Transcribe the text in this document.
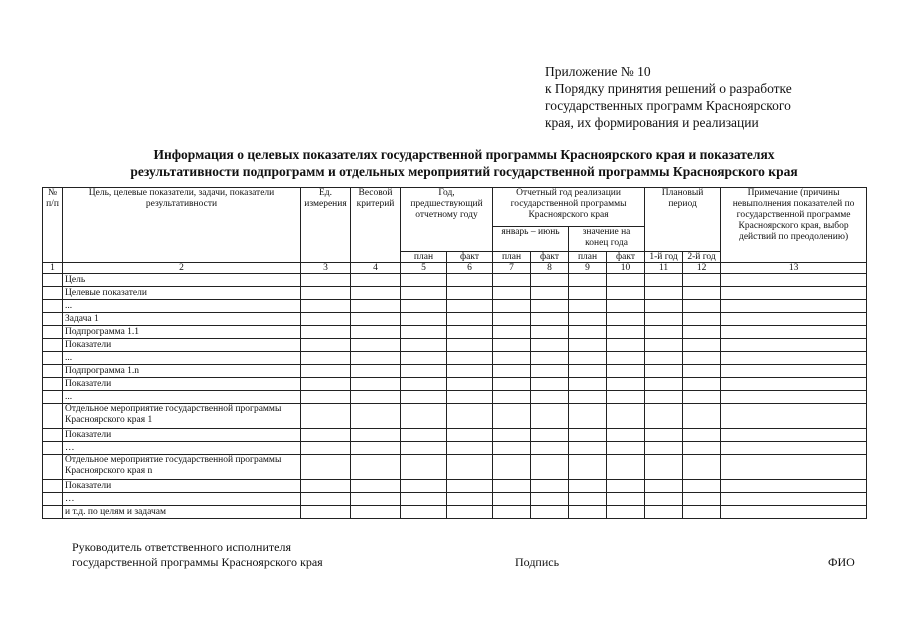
Приложение № 10
к Порядку принятия решений о разработке
государственных программ Красноярского
края, их формирования и реализации
Информация о целевых показателях государственной программы Красноярского края и показателях
результативности подпрограмм и отдельных мероприятий государственной программы Красноярского края
№ п/п	Цель, целевые показатели, задачи, показатели результативности	Ед. измерения	Весовой критерий	Год, предшествующий отчетному году		Отчетный год реализации государственной программы Красноярского края				Плановый период		Примечание (причины невыполнения показателей по государственной программе Красноярского края, выбор действий по преодолению)
						январь – июнь		значение на конец года				
				план	факт	план	факт	план	факт	1-й год	2-й год	
1	2	3	4	5	6	7	8	9	10	11	12	13
	Цель											
	Целевые показатели											
	...											
	Задача 1											
	Подпрограмма 1.1											
	Показатели											
	...											
	Подпрограмма 1.n											
	Показатели											
	...											
	Отдельное мероприятие государственной программы Красноярского края 1											
	Показатели											
	…											
	Отдельное мероприятие государственной программы Красноярского края n											
	Показатели											
	…											
	и т.д. по целям и задачам											
Руководитель ответственного исполнителя
государственной программы Красноярского края	Подпись	ФИО
